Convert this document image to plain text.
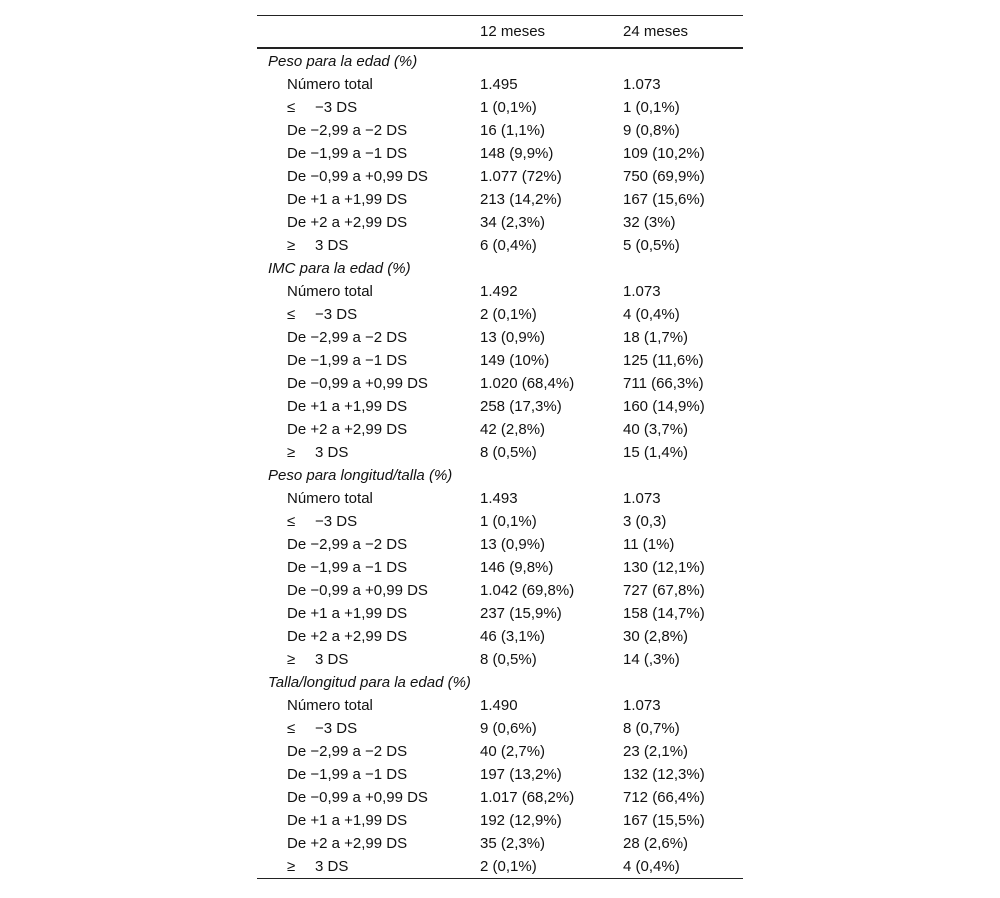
12 meses	24 meses
Peso para la edad (%)
Número total	1.495	1.073
≤ −3 DS	1 (0,1%)	1 (0,1%)
De −2,99 a −2 DS	16 (1,1%)	9 (0,8%)
De −1,99 a −1 DS	148 (9,9%)	109 (10,2%)
De −0,99 a +0,99 DS	1.077 (72%)	750 (69,9%)
De +1 a +1,99 DS	213 (14,2%)	167 (15,6%)
De +2 a +2,99 DS	34 (2,3%)	32 (3%)
≥ 3 DS	6 (0,4%)	5 (0,5%)
IMC para la edad (%)
Número total	1.492	1.073
≤ −3 DS	2 (0,1%)	4 (0,4%)
De −2,99 a −2 DS	13 (0,9%)	18 (1,7%)
De −1,99 a −1 DS	149 (10%)	125 (11,6%)
De −0,99 a +0,99 DS	1.020 (68,4%)	711 (66,3%)
De +1 a +1,99 DS	258 (17,3%)	160 (14,9%)
De +2 a +2,99 DS	42 (2,8%)	40 (3,7%)
≥ 3 DS	8 (0,5%)	15 (1,4%)
Peso para longitud/talla (%)
Número total	1.493	1.073
≤ −3 DS	1 (0,1%)	3 (0,3)
De −2,99 a −2 DS	13 (0,9%)	11 (1%)
De −1,99 a −1 DS	146 (9,8%)	130 (12,1%)
De −0,99 a +0,99 DS	1.042 (69,8%)	727 (67,8%)
De +1 a +1,99 DS	237 (15,9%)	158 (14,7%)
De +2 a +2,99 DS	46 (3,1%)	30 (2,8%)
≥ 3 DS	8 (0,5%)	14 (,3%)
Talla/longitud para la edad (%)
Número total	1.490	1.073
≤ −3 DS	9 (0,6%)	8 (0,7%)
De −2,99 a −2 DS	40 (2,7%)	23 (2,1%)
De −1,99 a −1 DS	197 (13,2%)	132 (12,3%)
De −0,99 a +0,99 DS	1.017 (68,2%)	712 (66,4%)
De +1 a +1,99 DS	192 (12,9%)	167 (15,5%)
De +2 a +2,99 DS	35 (2,3%)	28 (2,6%)
≥ 3 DS	2 (0,1%)	4 (0,4%)
